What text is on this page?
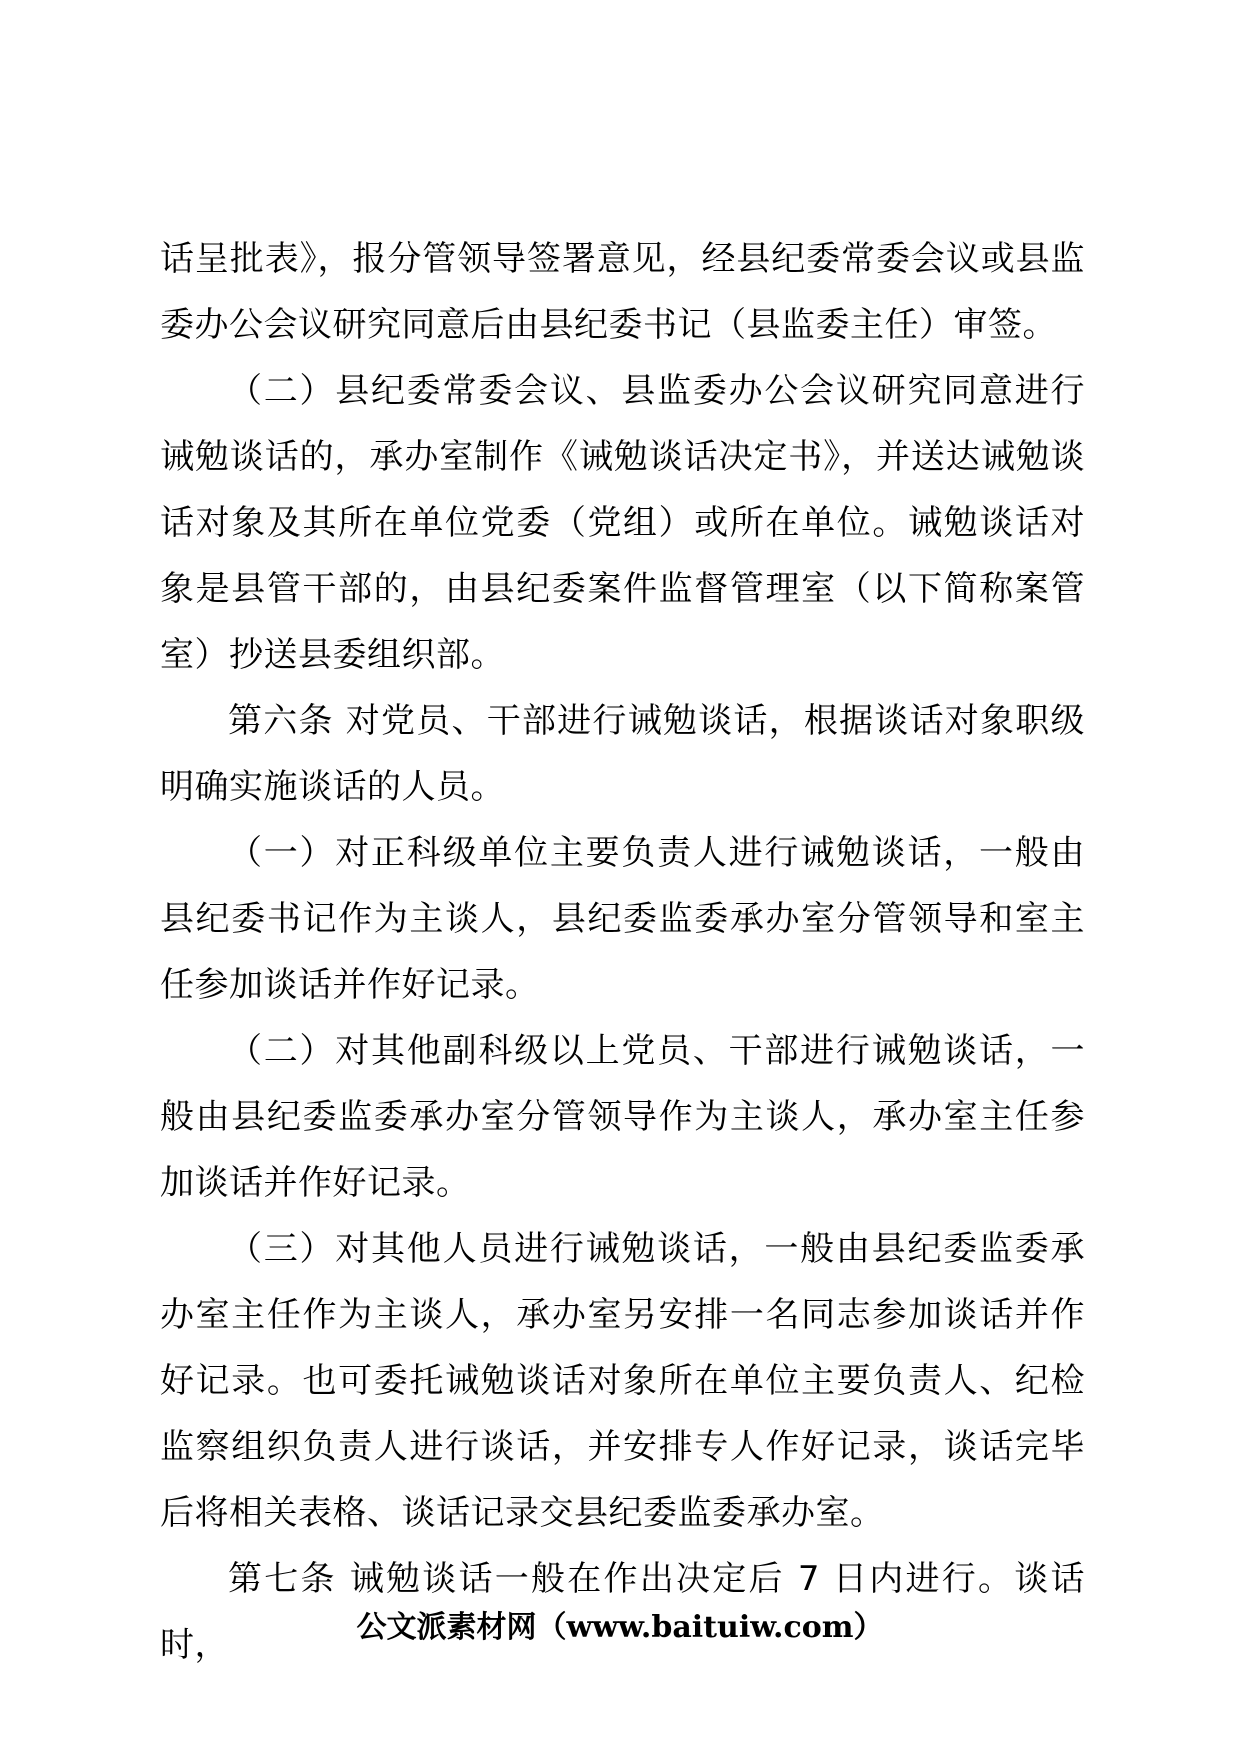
话呈批表》，报分管领导签署意见，经县纪委常委会议或县监委办公会议研究同意后由县纪委书记（县监委主任）审签。

（二）县纪委常委会议、县监委办公会议研究同意进行诫勉谈话的，承办室制作《诫勉谈话决定书》，并送达诫勉谈话对象及其所在单位党委（党组）或所在单位。诫勉谈话对象是县管干部的，由县纪委案件监督管理室（以下简称案管室）抄送县委组织部。

第六条 对党员、干部进行诫勉谈话，根据谈话对象职级明确实施谈话的人员。

（一）对正科级单位主要负责人进行诫勉谈话，一般由县纪委书记作为主谈人，县纪委监委承办室分管领导和室主任参加谈话并作好记录。

（二）对其他副科级以上党员、干部进行诫勉谈话，一般由县纪委监委承办室分管领导作为主谈人，承办室主任参加谈话并作好记录。

（三）对其他人员进行诫勉谈话，一般由县纪委监委承办室主任作为主谈人，承办室另安排一名同志参加谈话并作好记录。也可委托诫勉谈话对象所在单位主要负责人、纪检监察组织负责人进行谈话，并安排专人作好记录，谈话完毕后将相关表格、谈话记录交县纪委监委承办室。

第七条 诫勉谈话一般在作出决定后 7 日内进行。谈话时，	公文派素材网（www.baituiw.com）
